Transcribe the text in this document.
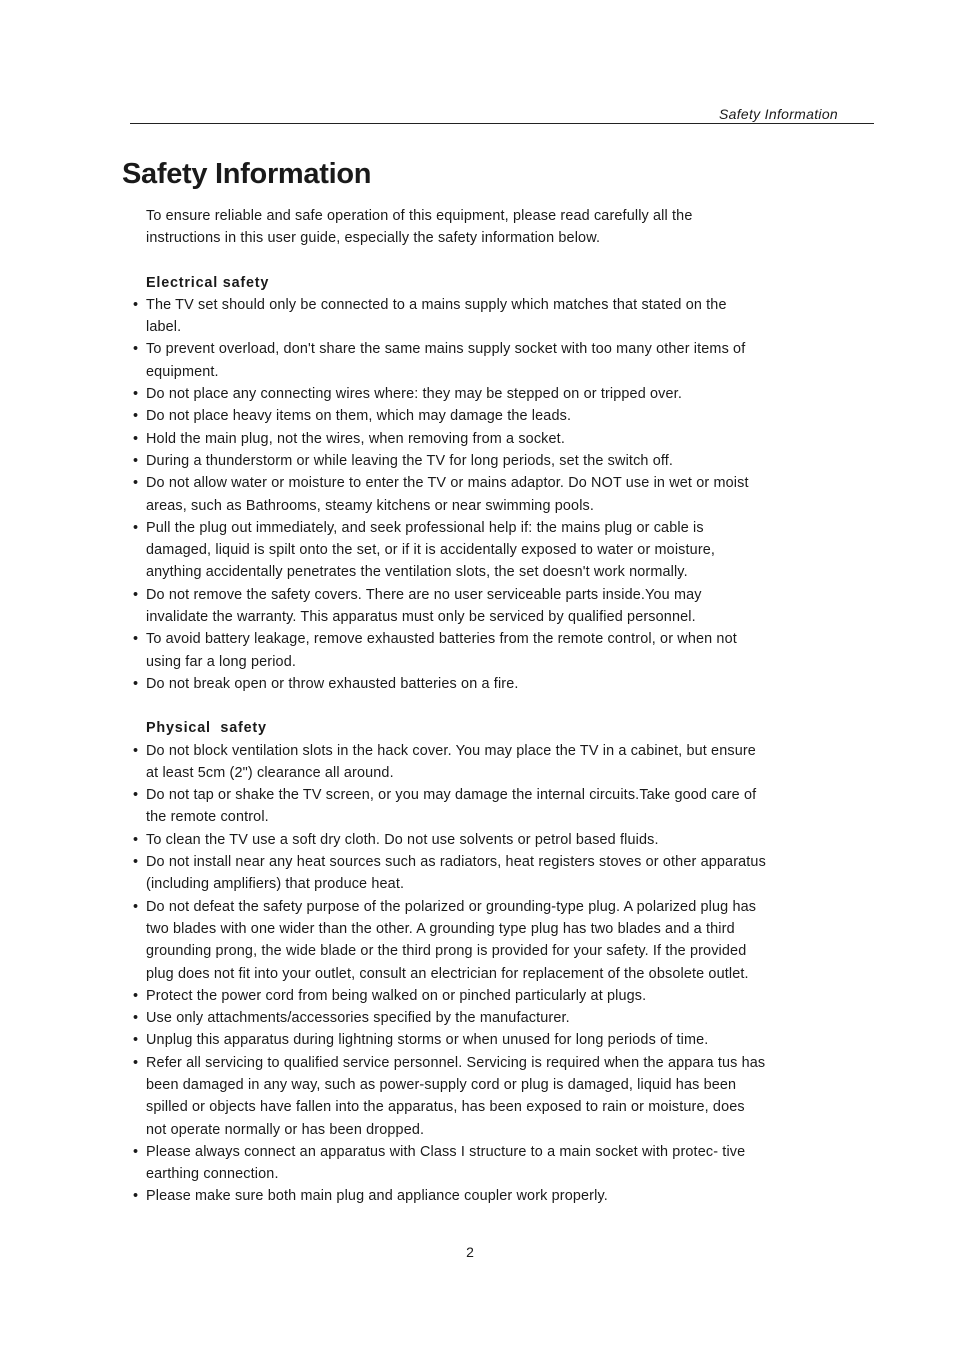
Safety Information
Safety Information

To ensure reliable and safe operation of this equipment, please read carefully all the instructions in this user guide, especially the safety information below.

Electrical safety
• The TV set should only be connected to a mains supply which matches that stated on the label.
• To prevent overload, don't share the same mains supply socket with too many other items of equipment.
• Do not place any connecting wires where: they may be stepped on or tripped over.
• Do not place heavy items on them, which may damage the leads.
• Hold the main plug, not the wires, when removing from a socket.
• During a thunderstorm or while leaving the TV for long periods, set the switch off.
• Do not allow water or moisture to enter the TV or mains adaptor. Do NOT use in wet or moist areas, such as Bathrooms, steamy kitchens or near swimming pools.
• Pull the plug out immediately, and seek professional help if: the mains plug or cable is damaged, liquid is spilt onto the set, or if it is accidentally exposed to water or moisture, anything accidentally penetrates the ventilation slots, the set doesn't work normally.
• Do not remove the safety covers. There are no user serviceable parts inside.You may invalidate the warranty. This apparatus must only be serviced by qualified personnel.
• To avoid battery leakage, remove exhausted batteries from the remote control, or when not using far a long period.
• Do not break open or throw exhausted batteries on a fire.
Physical  safety
• Do not block ventilation slots in the hack cover. You may place the TV in a cabinet, but ensure at least 5cm (2") clearance all around.
• Do not tap or shake the TV screen, or you may damage the internal circuits.Take good care of the remote control.
• To clean the TV use a soft dry cloth. Do not use solvents or petrol based fluids.
• Do not install near any heat sources such as radiators, heat registers stoves or other apparatus (including amplifiers) that produce heat.
• Do not defeat the safety purpose of the polarized or grounding-type plug. A polarized plug has two blades with one wider than the other. A grounding type plug has two blades and a third grounding prong, the wide blade or the third prong is provided for your safety. If the provided plug does not fit into your outlet, consult an electrician for replacement of the obsolete outlet.
• Protect the power cord from being walked on or pinched particularly at plugs.
• Use only attachments/accessories specified by the manufacturer.
• Unplug this apparatus during lightning storms or when unused for long periods of time.
• Refer all servicing to qualified service personnel. Servicing is required when the appara tus has been damaged in any way, such as power-supply cord or plug is damaged, liquid has been spilled or objects have fallen into the apparatus, has been exposed to rain or moisture, does not operate normally or has been dropped.
• Please always connect an apparatus with Class I structure to a main socket with protec- tive earthing connection.
• Please make sure both main plug and appliance coupler work properly.
2
